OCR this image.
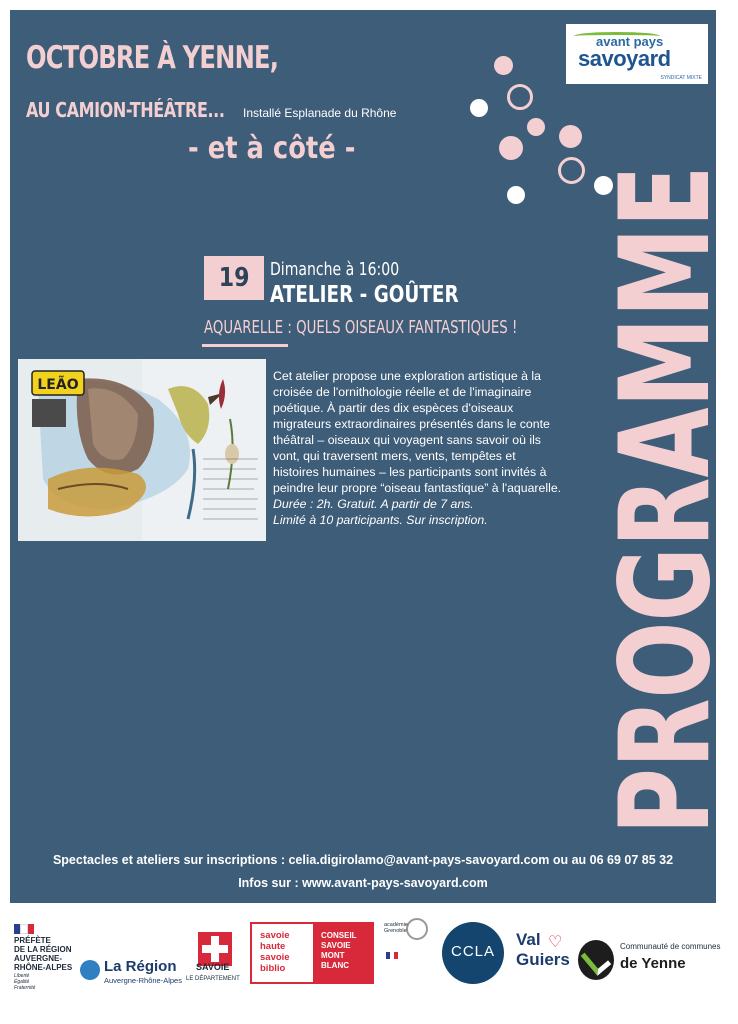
OCTOBRE À YENNE,
AU CAMION-THÉÂTRE... Installé Esplanade du Rhône
- et à côté -
avant pays
savoyard
SYNDICAT MIXTE
PROGRAMME
19 Dimanche à 16:00
ATELIER - GOÛTER
AQUARELLE : QUELS OISEAUX FANTASTIQUES !
LEÃO

Cet atelier propose une exploration artistique à la croisée de l'ornithologie réelle et de l'imaginaire poétique. À partir des dix espèces d'oiseaux migrateurs extraordinaires présentés dans le conte théâtral – oiseaux qui voyagent sans savoir où ils vont, qui traversent mers, vents, tempêtes et histoires humaines – les participants sont invités à peindre leur propre “oiseau fantastique” à l'aquarelle.

Durée : 2h. Gratuit. A partir de 7 ans.

Limité à 10 participants. Sur inscription.

Spectacles et ateliers sur inscriptions : celia.digirolamo@avant-pays-savoyard.com ou au 06 69 07 85 32
Infos sur : www.avant-pays-savoyard.com
PRÉFÈTE
DE LA RÉGION
AUVERGNE-
RHÔNE-ALPES
Liberté
Égalité
Fraternité
La Région
Auvergne-Rhône-Alpes
SAVOIE
LE DÉPARTEMENT
savoie
haute
savoie
biblio
CONSEIL
SAVOIE
MONT
BLANC
académie Grenoble
CCLA
Val ♡
Guiers
Communauté de communes
de Yenne
